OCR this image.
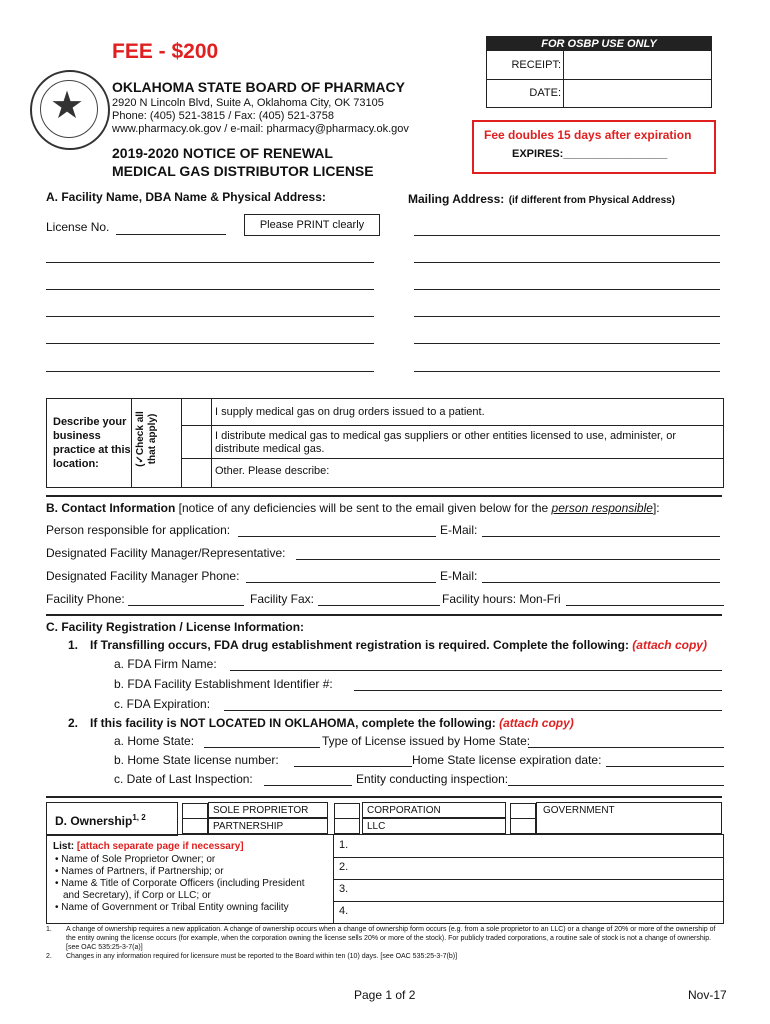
FEE - $200
★ OKLAHOMA STATE BOARD OF PHARMACY
2920 N Lincoln Blvd, Suite A, Oklahoma City, OK 73105
Phone: (405) 521-3815 / Fax: (405) 521-3758
www.pharmacy.ok.gov / e-mail: pharmacy@pharmacy.ok.gov
FOR OSBP USE ONLY
RECEIPT:
DATE:
Fee doubles 15 days after expiration
EXPIRES:_________________
2019-2020 NOTICE OF RENEWAL
MEDICAL GAS DISTRIBUTOR LICENSE
A. Facility Name, DBA Name & Physical Address:	Mailing Address: (if different from Physical Address)
License No.	Please PRINT clearly
Describe your
business
practice at this
location:	(✓Check all that apply)
I supply medical gas on drug orders issued to a patient.
I distribute medical gas to medical gas suppliers or other entities licensed to use, administer, or distribute medical gas.
Other. Please describe:
B. Contact Information [notice of any deficiencies will be sent to the email given below for the person responsible]:
Person responsible for application:	E-Mail:
Designated Facility Manager/Representative:
Designated Facility Manager Phone:	E-Mail:
Facility Phone:	Facility Fax:	Facility hours: Mon-Fri
C. Facility Registration / License Information:
1. If Transfilling occurs, FDA drug establishment registration is required. Complete the following: (attach copy)
a. FDA Firm Name:
b. FDA Facility Establishment Identifier #:
c. FDA Expiration:
2. If this facility is NOT LOCATED IN OKLAHOMA, complete the following: (attach copy)
a. Home State:	Type of License issued by Home State:
b. Home State license number:	Home State license expiration date:
c. Date of Last Inspection:	Entity conducting inspection:
D. Ownership$^{1, 2}$
SOLE PROPRIETOR
PARTNERSHIP
CORPORATION
LLC
GOVERNMENT
List: [attach separate page if necessary]
• Name of Sole Proprietor Owner; or
• Names of Partners, if Partnership; or
• Name & Title of Corporate Officers (including President and Secretary), if Corp or LLC; or
• Name of Government or Tribal Entity owning facility
1.
2.
3.
4.
1. A change of ownership requires a new application. A change of ownership occurs when a change of ownership form occurs (e.g. from a sole proprietor to an LLC) or a change of 20% or more of the ownership of the entity owning the license occurs (for example, when the corporation owning the license sells 20% or more of the stock). For publicly traded corporations, a routine sale of stock is not a change of ownership. [see OAC 535:25-3-7(a)]
2. Changes in any information required for licensure must be reported to the Board within ten (10) days. [see OAC 535:25-3-7(b)]
Page 1 of 2	Nov-17
